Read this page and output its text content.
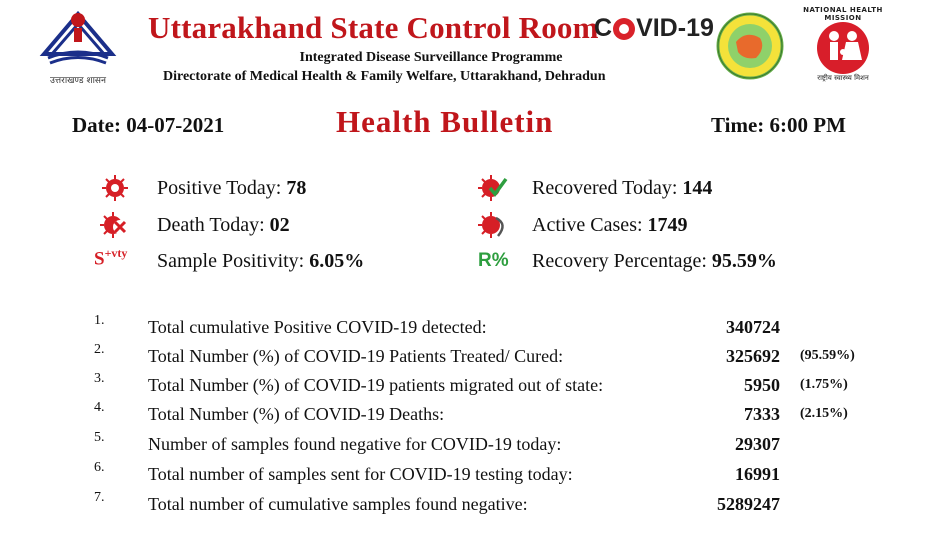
उत्तराखण्ड शासन
Uttarakhand State Control Room
C VID-19
NATIONAL HEALTH MISSION
राष्ट्रीय स्वास्थ्य मिशन
Integrated Disease Surveillance Programme
Directorate of Medical Health & Family Welfare, Uttarakhand, Dehradun
Date: 04-07-2021	Health Bulletin	Time: 6:00 PM
Positive Today: 78	Recovered Today: 144
Death Today: 02	Active Cases: 1749
$S^{+vty}$ Sample Positivity: 6.05%	R% Recovery Percentage: 95.59%
1. Total cumulative Positive COVID-19 detected:	340724
2. Total Number (%) of COVID-19 Patients Treated/ Cured:	325692 (95.59%)
3. Total Number (%) of COVID-19 patients migrated out of state:	5950 (1.75%)
4. Total Number (%) of COVID-19 Deaths:	7333 (2.15%)
5. Number of samples found negative for COVID-19 today:	29307
6. Total number of samples sent for COVID-19 testing today:	16991
7. Total number of cumulative samples found negative:	5289247
